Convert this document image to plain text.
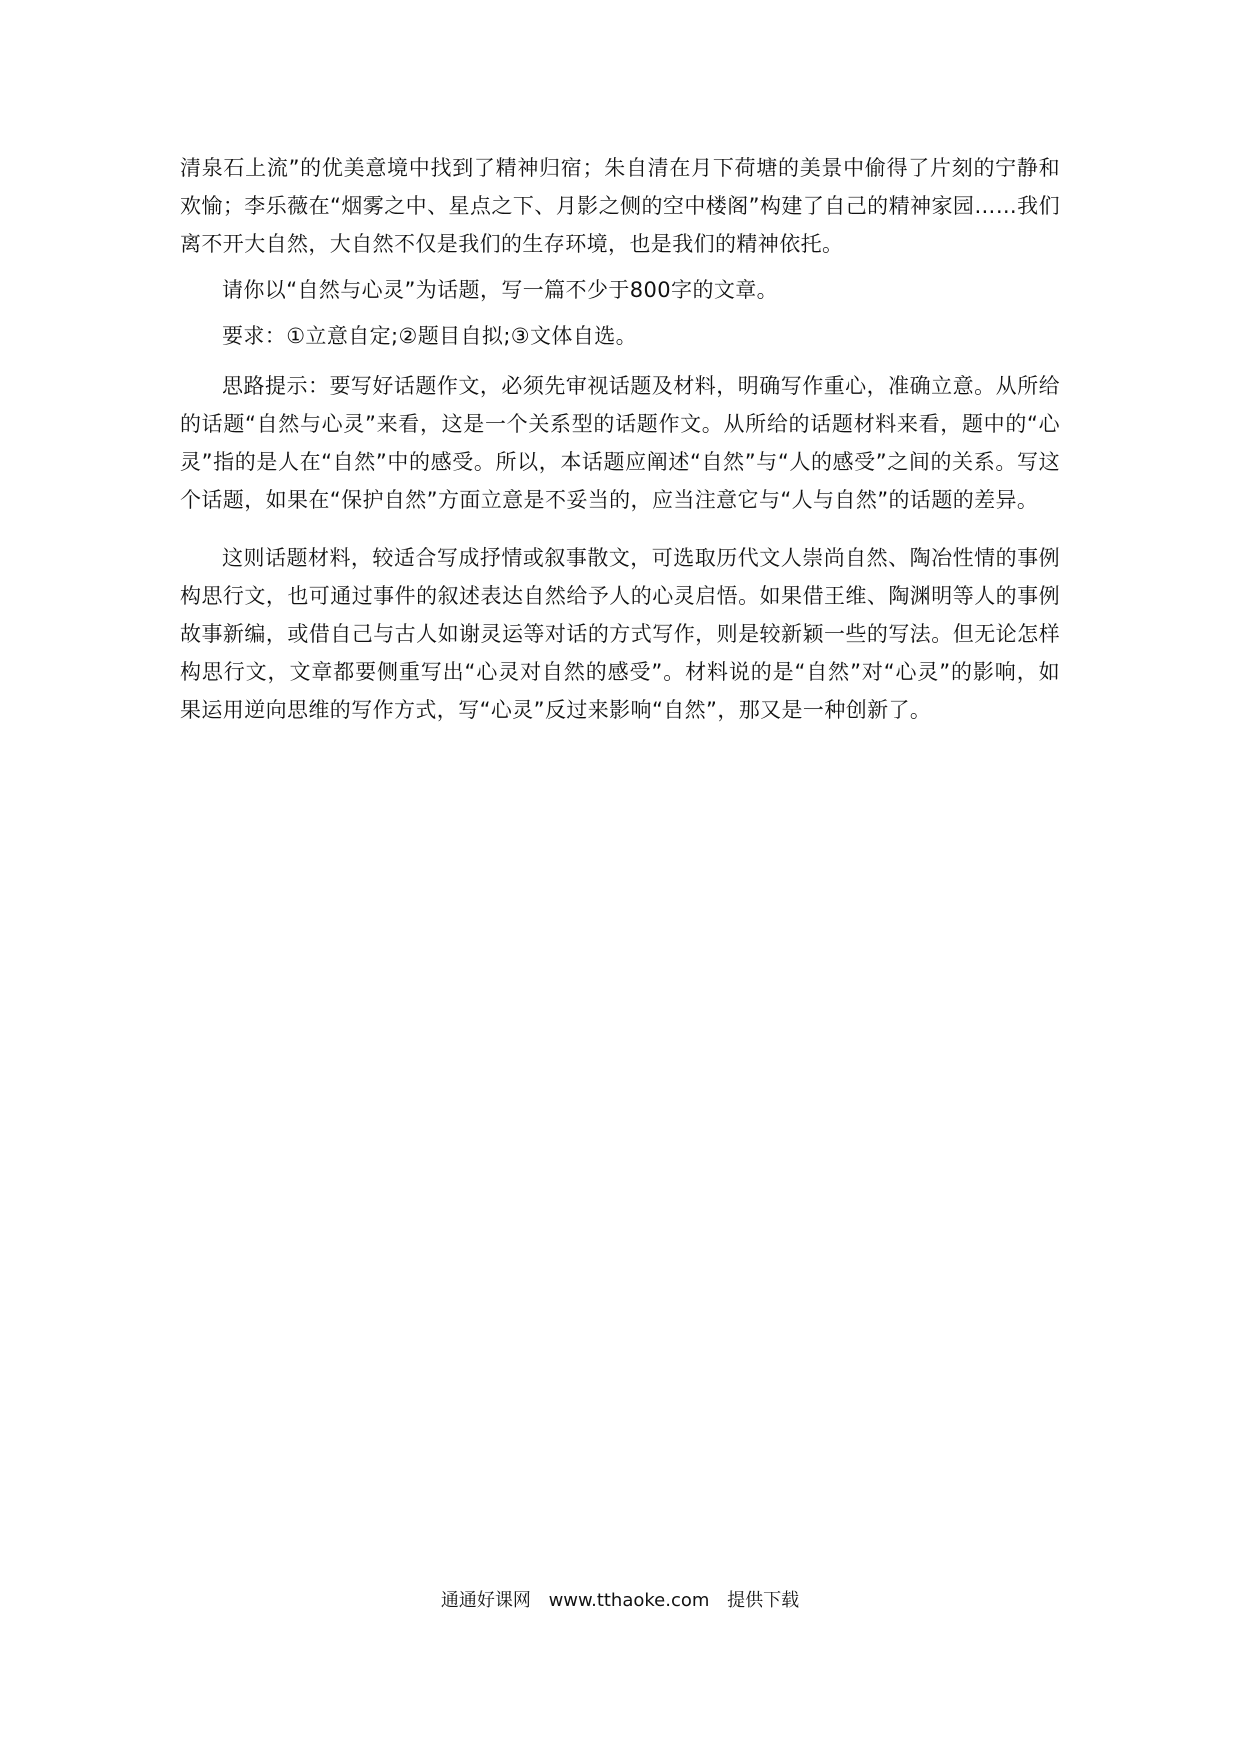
清泉石上流”的优美意境中找到了精神归宿；朱自清在月下荷塘的美景中偷得了片刻的宁静和欢愉；李乐薇在“烟雾之中、星点之下、月影之侧的空中楼阁”构建了自己的精神家园……我们离不开大自然，大自然不仅是我们的生存环境，也是我们的精神依托。

请你以“自然与心灵”为话题，写一篇不少于800字的文章。

要求：①立意自定;②题目自拟;③文体自选。

思路提示：要写好话题作文，必须先审视话题及材料，明确写作重心，准确立意。从所给的话题“自然与心灵”来看，这是一个关系型的话题作文。从所给的话题材料来看，题中的“心灵”指的是人在“自然”中的感受。所以，本话题应阐述“自然”与“人的感受”之间的关系。写这个话题，如果在“保护自然”方面立意是不妥当的，应当注意它与“人与自然”的话题的差异。

这则话题材料，较适合写成抒情或叙事散文，可选取历代文人崇尚自然、陶冶性情的事例构思行文，也可通过事件的叙述表达自然给予人的心灵启悟。如果借王维、陶渊明等人的事例故事新编，或借自己与古人如谢灵运等对话的方式写作，则是较新颖一些的写法。但无论怎样构思行文，文章都要侧重写出“心灵对自然的感受”。材料说的是“自然”对“心灵”的影响，如果运用逆向思维的写作方式，写“心灵”反过来影响“自然”，那又是一种创新了。

通通好课网 www.tthaoke.com 提供下载
